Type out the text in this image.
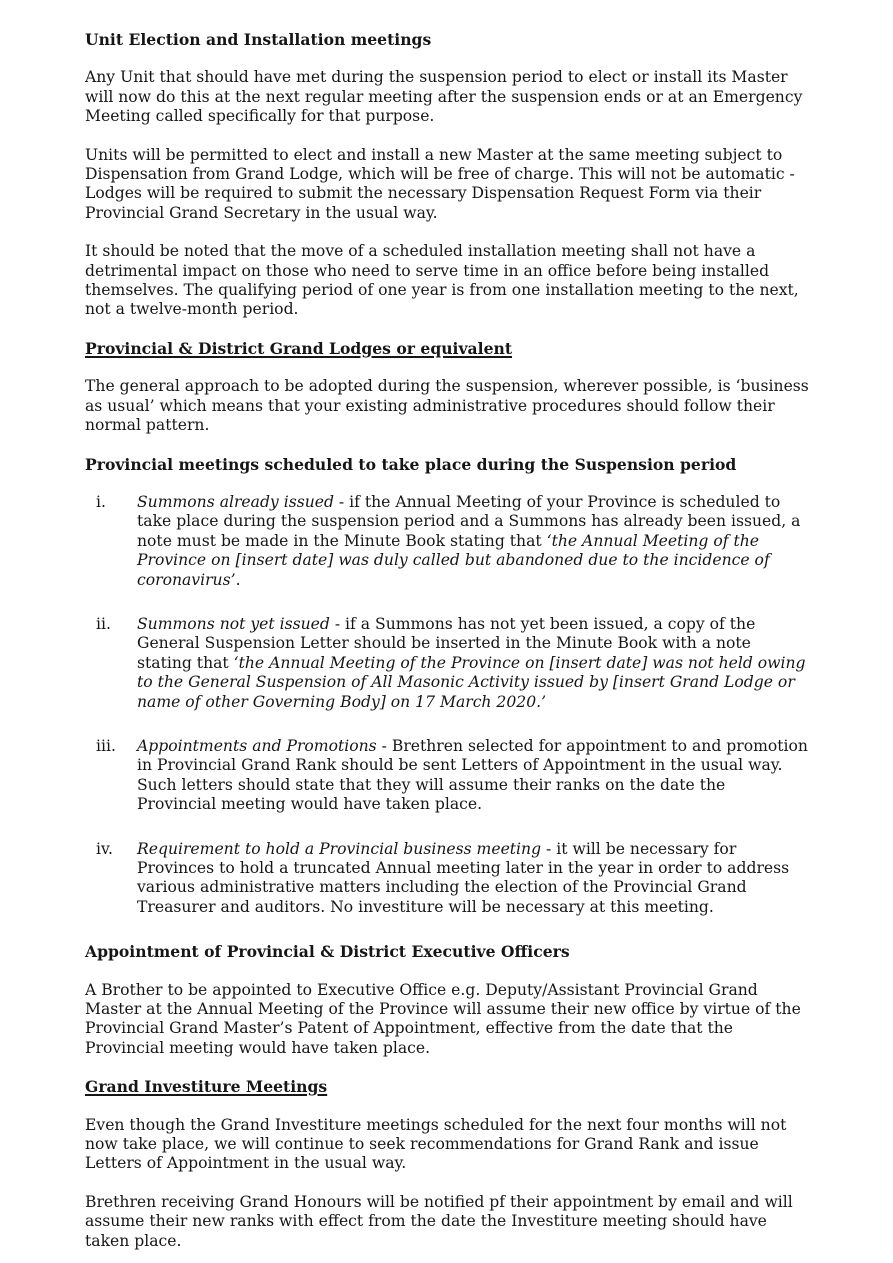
Unit Election and Installation meetings

Any Unit that should have met during the suspension period to elect or install its Master will now do this at the next regular meeting after the suspension ends or at an Emergency Meeting called specifically for that purpose.

Units will be permitted to elect and install a new Master at the same meeting subject to Dispensation from Grand Lodge, which will be free of charge. This will not be automatic - Lodges will be required to submit the necessary Dispensation Request Form via their Provincial Grand Secretary in the usual way.

It should be noted that the move of a scheduled installation meeting shall not have a detrimental impact on those who need to serve time in an office before being installed themselves. The qualifying period of one year is from one installation meeting to the next, not a twelve-month period.

Provincial & District Grand Lodges or equivalent

The general approach to be adopted during the suspension, wherever possible, is ‘business as usual’ which means that your existing administrative procedures should follow their normal pattern.

Provincial meetings scheduled to take place during the Suspension period
i.	Summons already issued - if the Annual Meeting of your Province is scheduled to take place during the suspension period and a Summons has already been issued, a note must be made in the Minute Book stating that ‘the Annual Meeting of the Province on [insert date] was duly called but abandoned due to the incidence of coronavirus’.
ii.	Summons not yet issued - if a Summons has not yet been issued, a copy of the General Suspension Letter should be inserted in the Minute Book with a note stating that ‘the Annual Meeting of the Province on [insert date] was not held owing to the General Suspension of All Masonic Activity issued by [insert Grand Lodge or name of other Governing Body] on 17 March 2020.’
iii.	Appointments and Promotions - Brethren selected for appointment to and promotion in Provincial Grand Rank should be sent Letters of Appointment in the usual way. Such letters should state that they will assume their ranks on the date the Provincial meeting would have taken place.
iv.	Requirement to hold a Provincial business meeting - it will be necessary for Provinces to hold a truncated Annual meeting later in the year in order to address various administrative matters including the election of the Provincial Grand Treasurer and auditors. No investiture will be necessary at this meeting.
Appointment of Provincial & District Executive Officers

A Brother to be appointed to Executive Office e.g. Deputy/Assistant Provincial Grand Master at the Annual Meeting of the Province will assume their new office by virtue of the Provincial Grand Master’s Patent of Appointment, effective from the date that the Provincial meeting would have taken place.

Grand Investiture Meetings

Even though the Grand Investiture meetings scheduled for the next four months will not now take place, we will continue to seek recommendations for Grand Rank and issue Letters of Appointment in the usual way.

Brethren receiving Grand Honours will be notified pf their appointment by email and will assume their new ranks with effect from the date the Investiture meeting should have taken place.
